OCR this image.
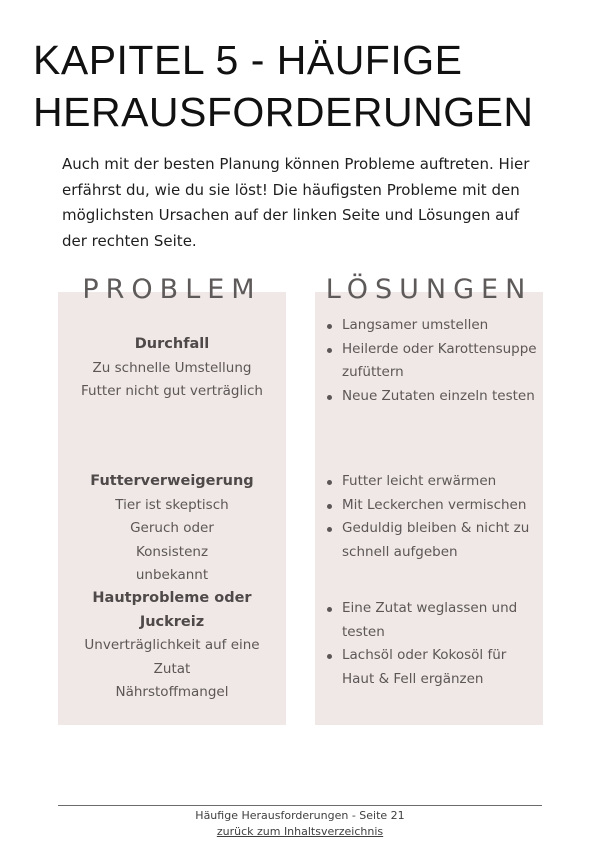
KAPITEL 5 - HÄUFIGE HERAUSFORDERUNGEN
Auch mit der besten Planung können Probleme auftreten. Hier erfährst du, wie du sie löst! Die häufigsten Probleme mit den möglichsten Ursachen auf der linken Seite und Lösungen auf der rechten Seite.
PROBLEM	LÖSUNGEN
Durchfall
Zu schnelle Umstellung
Futter nicht gut verträglich
Futterverweigerung
Tier ist skeptisch
Geruch oder Konsistenz unbekannt
Hautprobleme oder Juckreiz
Unverträglichkeit auf eine Zutat
Nährstoffmangel
Langsamer umstellen
Heilerde oder Karottensuppe zufüttern
Neue Zutaten einzeln testen
Futter leicht erwärmen
Mit Leckerchen vermischen
Geduldig bleiben & nicht zu schnell aufgeben
Eine Zutat weglassen und testen
Lachsöl oder Kokosöl für Haut & Fell ergänzen
Häufige Herausforderungen - Seite 21
zurück zum Inhaltsverzeichnis
